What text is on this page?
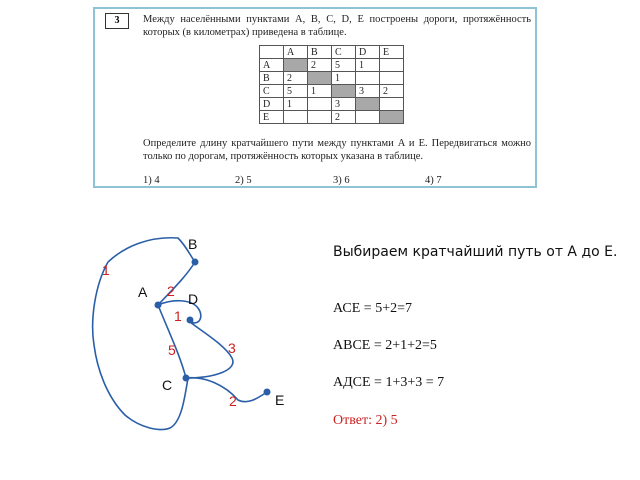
3	Между населёнными пунктами A, B, C, D, E построены дороги, протяжённость которых (в километрах) приведена в таблице.
	A	B	C	D	E
A		2	5	1	
B	2		1		
C	5	1		3	2
D	1		3		
E			2		
Определите длину кратчайшего пути между пунктами A и E. Передвигаться можно только по дорогам, протяжённость которых указана в таблице.
1) 4	2) 5	3) 6	4) 7
B
A	D
C
E
1
2
1
5	3
2
Выбираем кратчайший путь от А до Е.
АСЕ = 5+2=7
АВСЕ = 2+1+2=5
АДСЕ = 1+3+3 = 7
Ответ: 2) 5
